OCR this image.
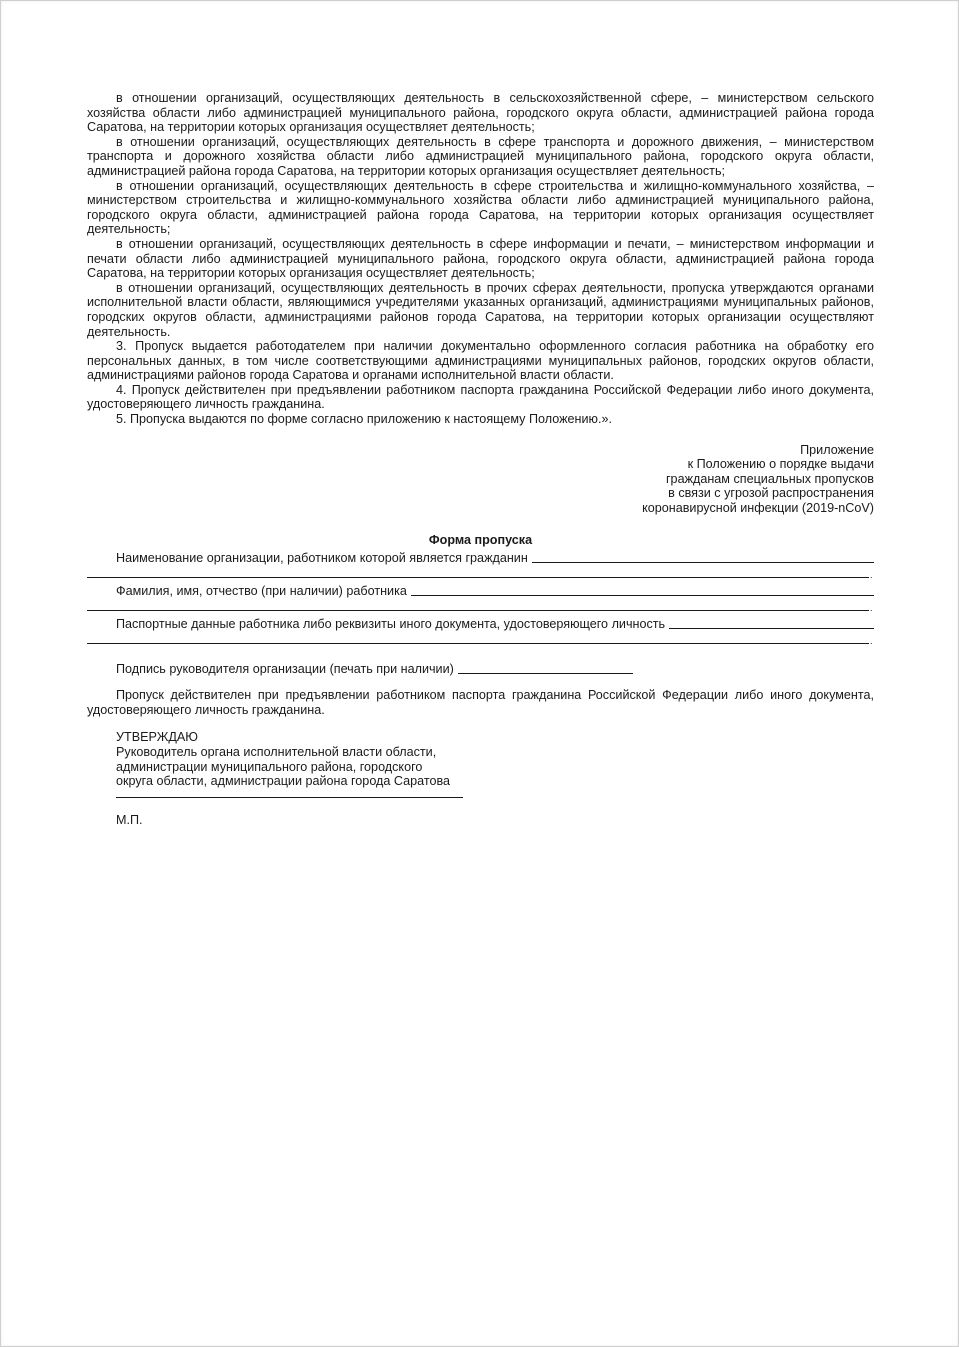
в отношении организаций, осуществляющих деятельность в сельскохозяйственной сфере, – министерством сельского хозяйства области либо администрацией муниципального района, городского округа области, администрацией района города Саратова, на территории которых организация осуществляет деятельность;

в отношении организаций, осуществляющих деятельность в сфере транспорта и дорожного движения, – министерством транспорта и дорожного хозяйства области либо администрацией муниципального района, городского округа области, администрацией района города Саратова, на территории которых организация осуществляет деятельность;

в отношении организаций, осуществляющих деятельность в сфере строительства и жилищно-коммунального хозяйства, – министерством строительства и жилищно-коммунального хозяйства области либо администрацией муниципального района, городского округа области, администрацией района города Саратова, на территории которых организация осуществляет деятельность;

в отношении организаций, осуществляющих деятельность в сфере информации и печати, – министерством информации и печати области либо администрацией муниципального района, городского округа области, администрацией района города Саратова, на территории которых организация осуществляет деятельность;

в отношении организаций, осуществляющих деятельность в прочих сферах деятельности, пропуска утверждаются органами исполнительной власти области, являющимися учредителями указанных организаций, администрациями муниципальных районов, городских округов области, администрациями районов города Саратова, на территории которых организации осуществляют деятельность.

3. Пропуск выдается работодателем при наличии документально оформленного согласия работника на обработку его персональных данных, в том числе соответствующими администрациями муниципальных районов, городских округов области, администрациями районов города Саратова и органами исполнительной власти области.

4. Пропуск действителен при предъявлении работником паспорта гражданина Российской Федерации либо иного документа, удостоверяющего личность гражданина.

5. Пропуска выдаются по форме согласно приложению к настоящему Положению.».

Приложение
к Положению о порядке выдачи
гражданам специальных пропусков
в связи с угрозой распространения
коронавирусной инфекции (2019-nCoV)
Форма пропуска
Наименование организации, работником которой является гражданин
.
Фамилия, имя, отчество (при наличии) работника
.
Паспортные данные работника либо реквизиты иного документа, удостоверяющего личность
.
Подпись руководителя организации (печать при наличии)

Пропуск действителен при предъявлении работником паспорта гражданина Российской Федерации либо иного документа, удостоверяющего личность гражданина.

УТВЕРЖДАЮ
Руководитель органа исполнительной власти области,
администрации муниципального района, городского
округа области, администрации района города Саратова
М.П.
